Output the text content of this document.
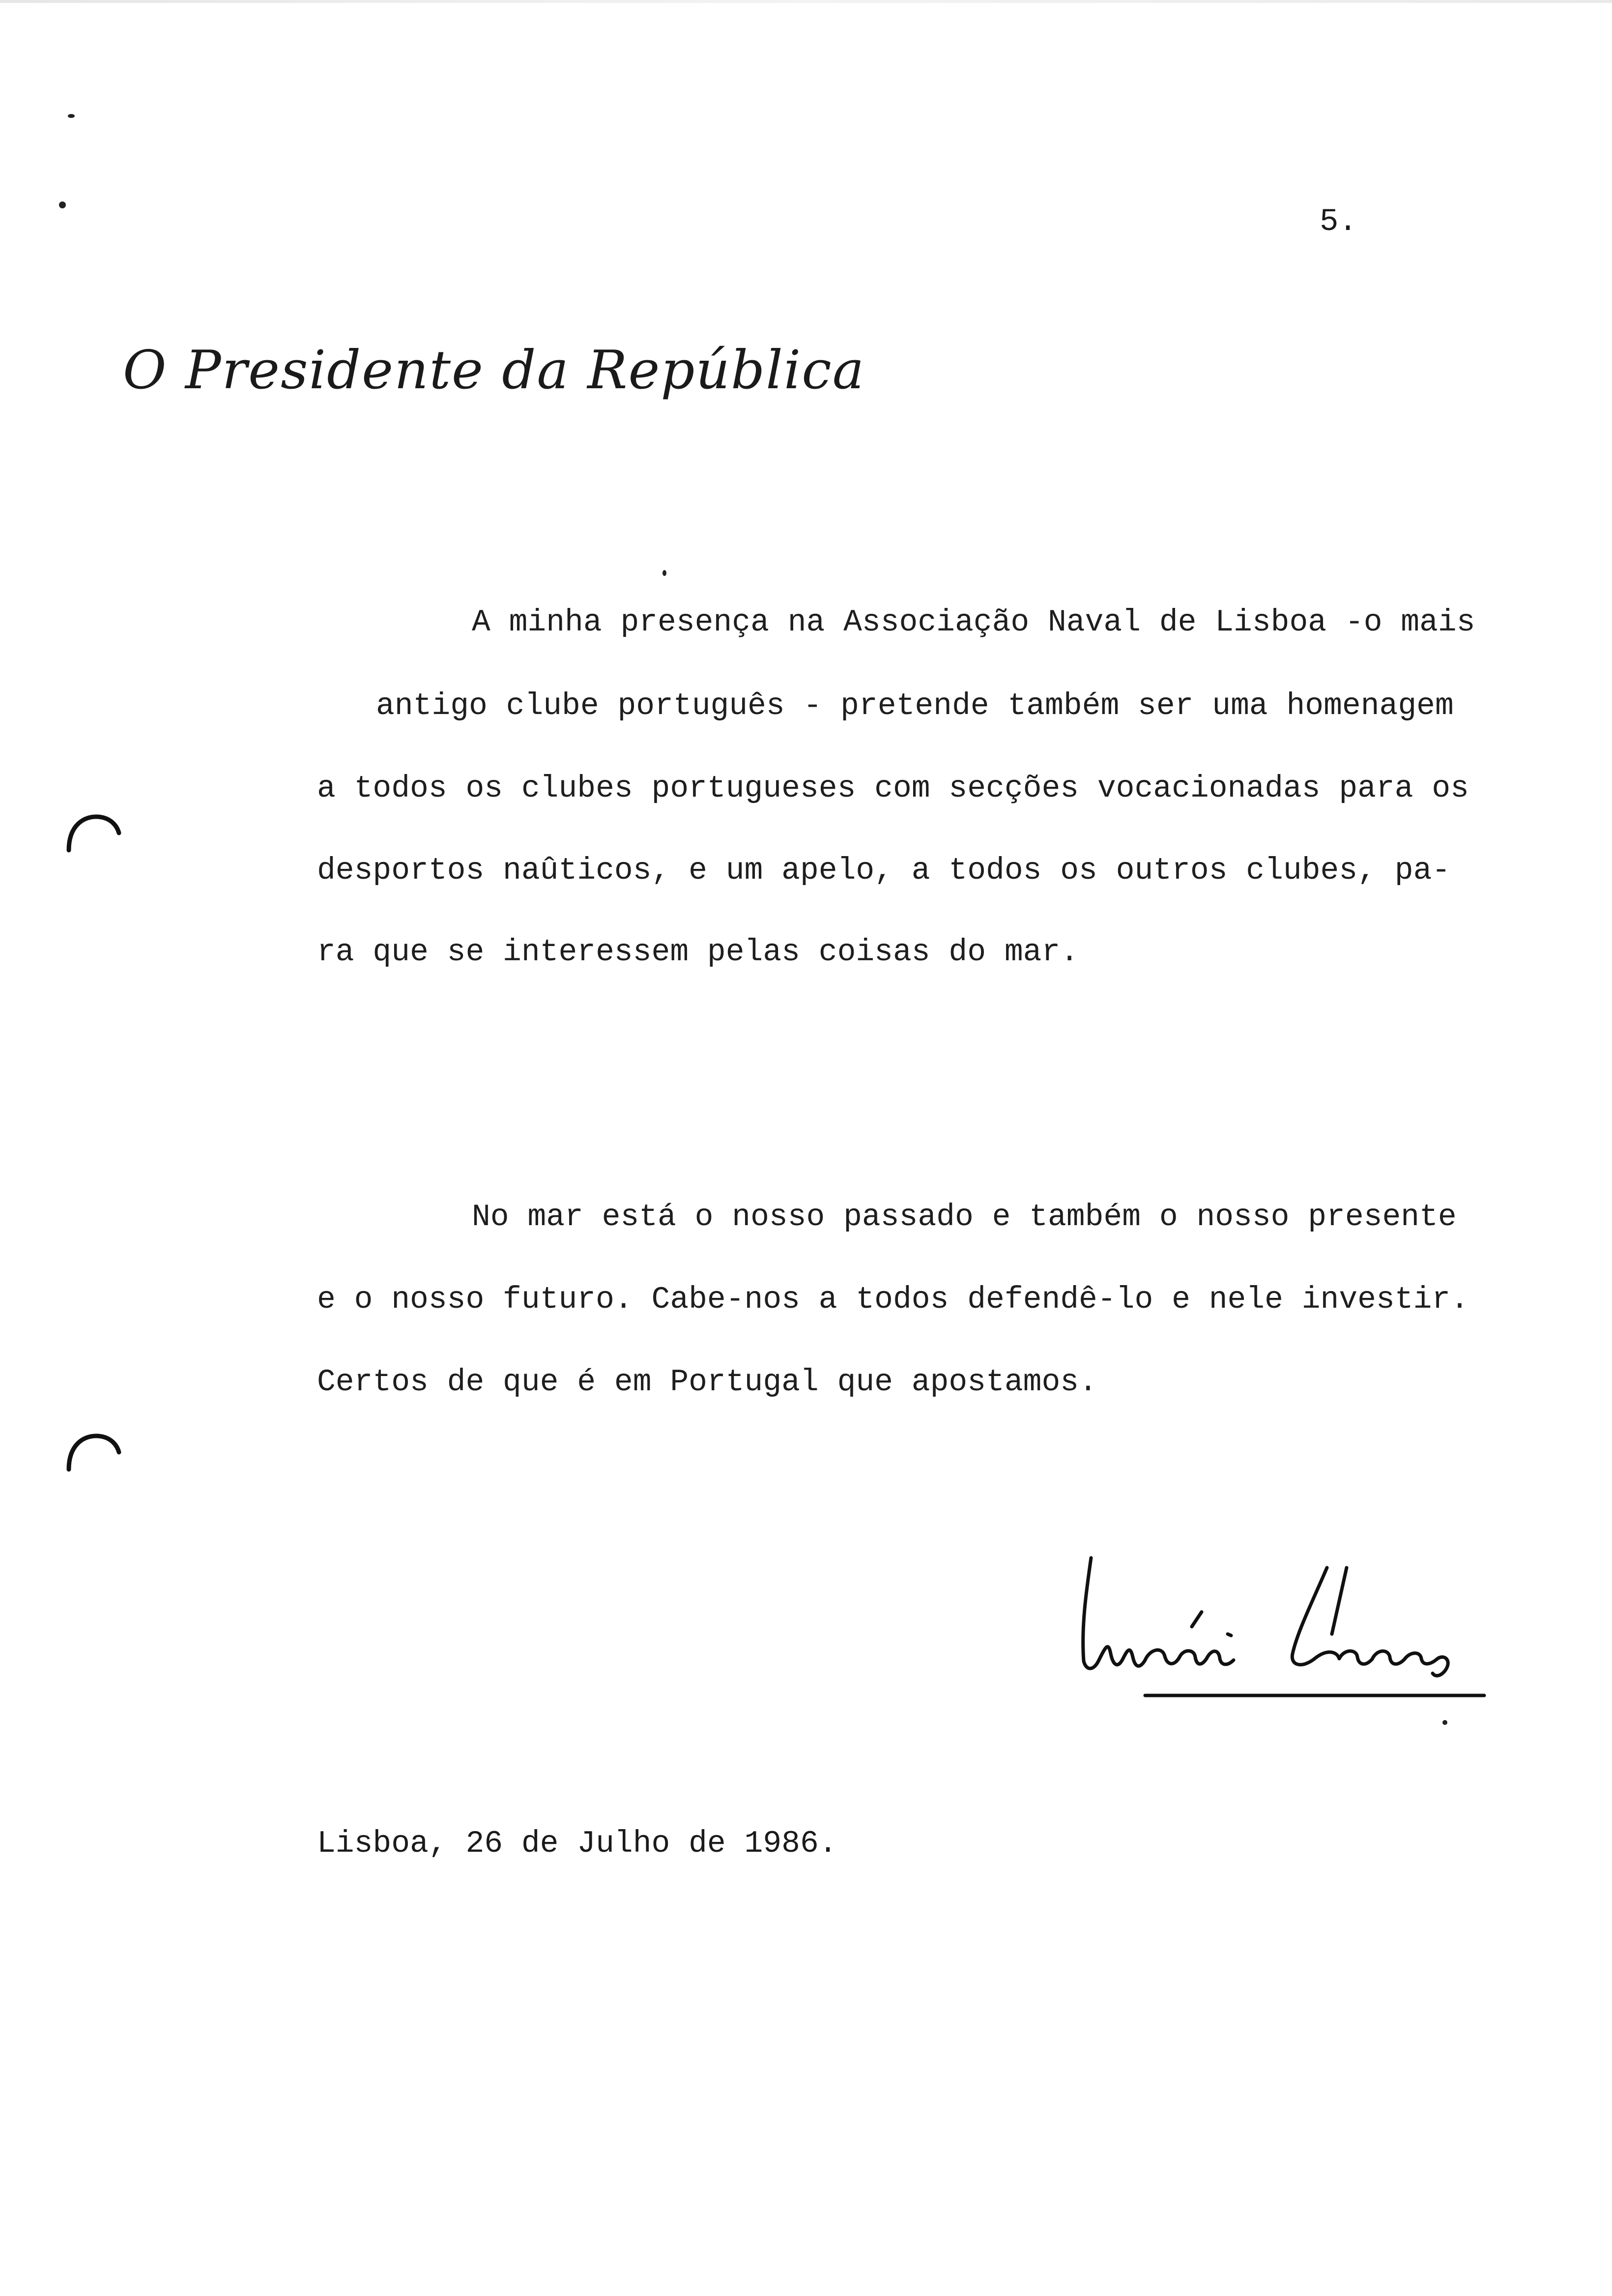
5.
O Presidente da República
A minha presença na Associação Naval de Lisboa -o mais
antigo clube português - pretende também ser uma homenagem
a todos os clubes portugueses com secções vocacionadas para os
desportos naûticos, e um apelo, a todos os outros clubes, pa-
ra que se interessem pelas coisas do mar.
No mar está o nosso passado e também o nosso presente
e o nosso futuro. Cabe-nos a todos defendê-lo e nele investir.
Certos de que é em Portugal que apostamos.
Lisboa, 26 de Julho de 1986.
